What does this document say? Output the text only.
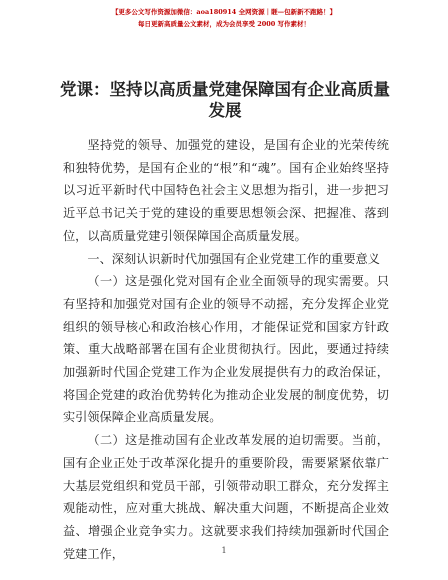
【更多公文写作资源加微信：aoa180914 全网资源｜睚—包新新不跑路！】
每日更新高质量公文素材，成为会员享受 2000 写作素材！
党课：坚持以高质量党建保障国有企业高质量发展

坚持党的领导、加强党的建设，是国有企业的光荣传统和独特优势，是国有企业的“根”和“魂”。国有企业始终坚持以习近平新时代中国特色社会主义思想为指引，进一步把习近平总书记关于党的建设的重要思想领会深、把握准、落到位，以高质量党建引领保障国企高质量发展。

一、深刻认识新时代加强国有企业党建工作的重要意义

（一）这是强化党对国有企业全面领导的现实需要。只有坚持和加强党对国有企业的领导不动摇，充分发挥企业党组织的领导核心和政治核心作用，才能保证党和国家方针政策、重大战略部署在国有企业贯彻执行。因此，要通过持续加强新时代国企党建工作为企业发展提供有力的政治保证，将国企党建的政治优势转化为推动企业发展的制度优势，切实引领保障企业高质量发展。

（二）这是推动国有企业改革发展的迫切需要。当前，国有企业正处于改革深化提升的重要阶段，需要紧紧依靠广大基层党组织和党员干部，引领带动职工群众，充分发挥主观能动性，应对重大挑战、解决重大问题，不断提高企业效益、增强企业竞争实力。这就要求我们持续加强新时代国企党建工作，	1
